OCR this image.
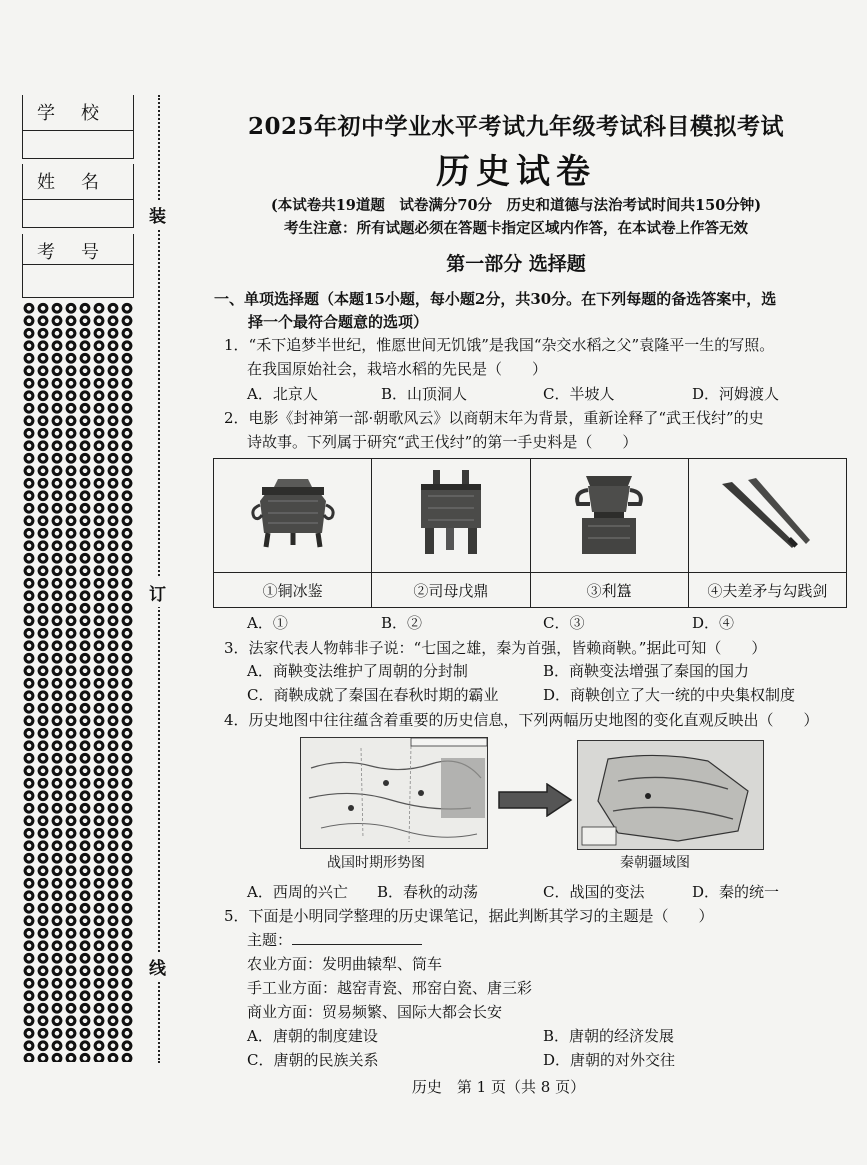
学校
姓名
考号
装
订
线
2025年初中学业水平考试九年级考试科目模拟考试
历史试卷
(本试卷共19道题　试卷满分70分　历史和道德与法治考试时间共150分钟)
考生注意：所有试题必须在答题卡指定区域内作答，在本试卷上作答无效
第一部分 选择题
一、单项选择题（本题15小题，每小题2分，共30分。在下列每题的备选答案中，选
择一个最符合题意的选项）
1．“禾下追梦半世纪，惟愿世间无饥饿”是我国“杂交水稻之父”袁隆平一生的写照。
在我国原始社会，栽培水稻的先民是（　　）
A．北京人	B．山顶洞人	C．半坡人	D．河姆渡人
2．电影《封神第一部·朝歌风云》以商朝末年为背景，重新诠释了“武王伐纣”的史
诗故事。下列属于研究“武王伐纣”的第一手史料是（　　）

①铜冰鉴	②司母戊鼎	③利簋	④夫差矛与勾践剑
A．①	B．②	C．③	D．④
3．法家代表人物韩非子说：“七国之雄，秦为首强，皆赖商鞅。”据此可知（　　）
A．商鞅变法维护了周朝的分封制	B．商鞅变法增强了秦国的国力
C．商鞅成就了秦国在春秋时期的霸业	D．商鞅创立了大一统的中央集权制度
4．历史地图中往往蕴含着重要的历史信息，下列两幅历史地图的变化直观反映出（　　）
战国时期形势图	秦朝疆域图
A．西周的兴亡 B．春秋的动荡	C．战国的变法	D．秦的统一
5．下面是小明同学整理的历史课笔记，据此判断其学习的主题是（　　）
主题：
农业方面：发明曲辕犁、筒车
手工业方面：越窑青瓷、邢窑白瓷、唐三彩
商业方面：贸易频繁、国际大都会长安
A．唐朝的制度建设	B．唐朝的经济发展
C．唐朝的民族关系	D．唐朝的对外交往
历史　第 1 页（共 8 页）
